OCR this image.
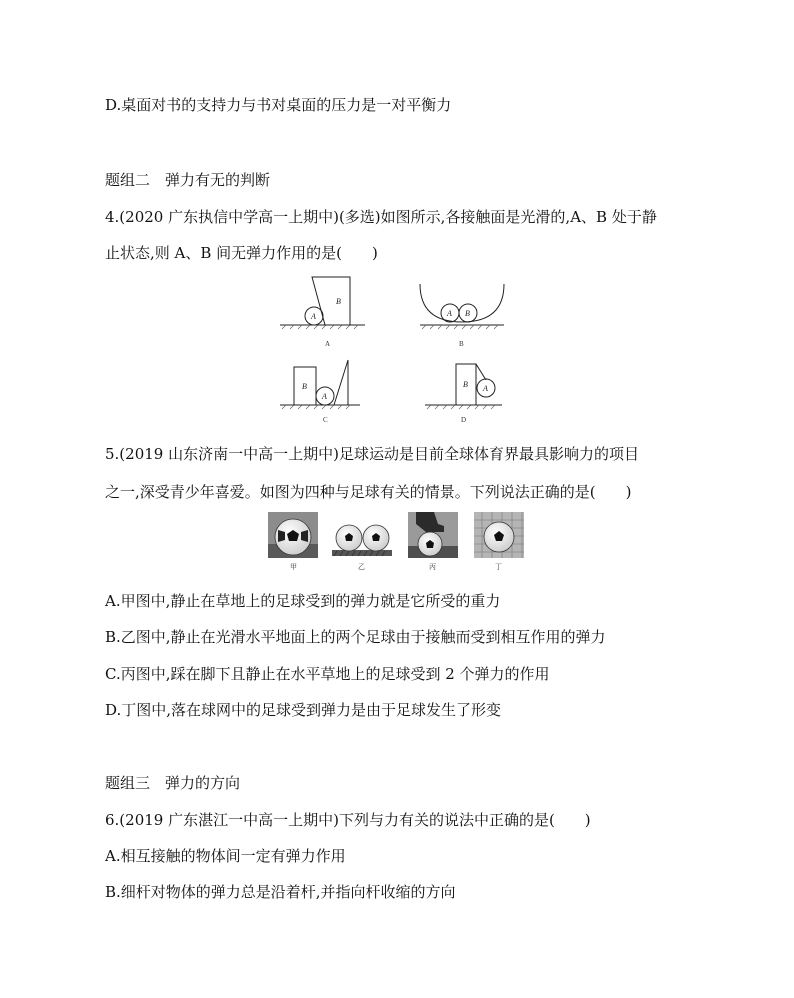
D.桌面对书的支持力与书对桌面的压力是一对平衡力
题组二　弹力有无的判断
4.(2020 广东执信中学高一上期中)(多选)如图所示,各接触面是光滑的,A、B 处于静
止状态,则 A、B 间无弹力作用的是(　　)
A
B
A B
B
A
B A
A	B
C	D
5.(2019 山东济南一中高一上期中)足球运动是目前全球体育界最具影响力的项目
之一,深受青少年喜爱。如图为四种与足球有关的情景。下列说法正确的是(　　)
甲	乙	丙	丁
A.甲图中,静止在草地上的足球受到的弹力就是它所受的重力
B.乙图中,静止在光滑水平地面上的两个足球由于接触而受到相互作用的弹力
C.丙图中,踩在脚下且静止在水平草地上的足球受到 2 个弹力的作用
D.丁图中,落在球网中的足球受到弹力是由于足球发生了形变
题组三　弹力的方向
6.(2019 广东湛江一中高一上期中)下列与力有关的说法中正确的是(　　)
A.相互接触的物体间一定有弹力作用
B.细杆对物体的弹力总是沿着杆,并指向杆收缩的方向
